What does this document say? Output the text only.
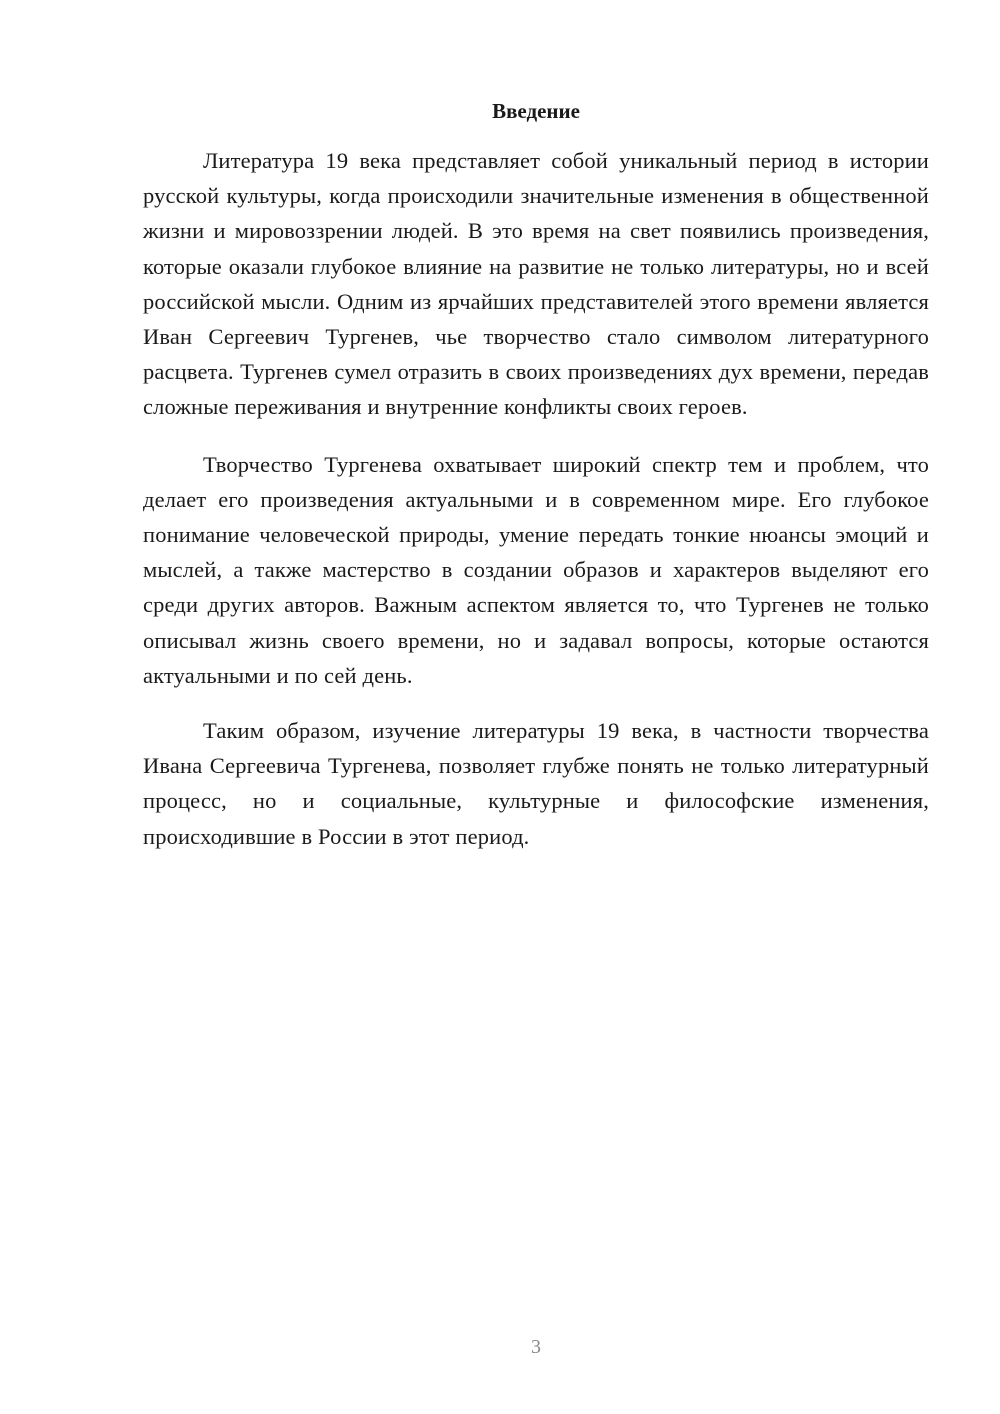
Введение

Литература 19 века представляет собой уникальный период в истории русской культуры, когда происходили значительные изменения в общественной жизни и мировоззрении людей. В это время на свет появились произведения, которые оказали глубокое влияние на развитие не только литературы, но и всей российской мысли. Одним из ярчайших представителей этого времени является Иван Сергеевич Тургенев, чье творчество стало символом литературного расцвета. Тургенев сумел отразить в своих произведениях дух времени, передав сложные переживания и внутренние конфликты своих героев.

Творчество Тургенева охватывает широкий спектр тем и проблем, что делает его произведения актуальными и в современном мире. Его глубокое понимание человеческой природы, умение передать тонкие нюансы эмоций и мыслей, а также мастерство в создании образов и характеров выделяют его среди других авторов. Важным аспектом является то, что Тургенев не только описывал жизнь своего времени, но и задавал вопросы, которые остаются актуальными и по сей день.

Таким образом, изучение литературы 19 века, в частности творчества Ивана Сергеевича Тургенева, позволяет глубже понять не только литературный процесс, но и социальные, культурные и философские изменения, происходившие в России в этот период.

3
